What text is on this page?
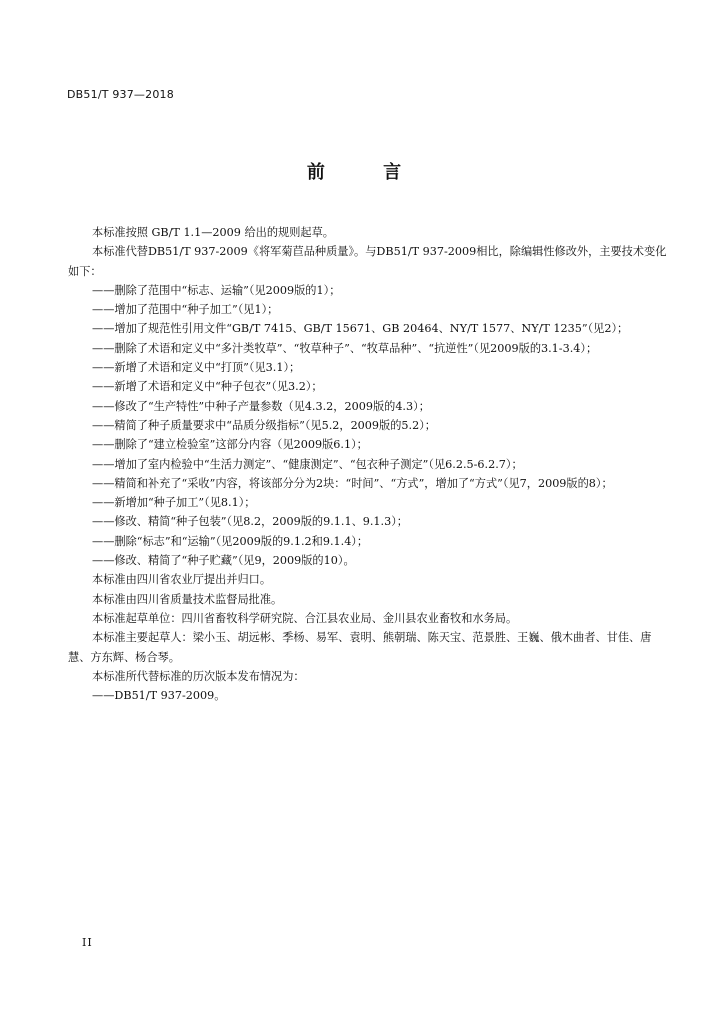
DB51/T 937—2018
前 言

本标准按照 GB/T 1.1—2009 给出的规则起草。

本标准代替DB51/T 937-2009《将军菊苣品种质量》。与DB51/T 937-2009相比，除编辑性修改外，主要技术变化如下：

——删除了范围中“标志、运输”（见2009版的1）；

——增加了范围中“种子加工”（见1）；

——增加了规范性引用文件“GB/T 7415、GB/T 15671、GB 20464、NY/T 1577、NY/T 1235”（见2）；

——删除了术语和定义中“多汁类牧草”、“牧草种子”、“牧草品种”、“抗逆性”（见2009版的3.1-3.4）；

——新增了术语和定义中“打顶”（见3.1）；

——新增了术语和定义中“种子包衣”（见3.2）；

——修改了“生产特性”中种子产量参数（见4.3.2，2009版的4.3）；

——精简了种子质量要求中“品质分级指标”（见5.2，2009版的5.2）；

——删除了“建立检验室”这部分内容（见2009版6.1）；

——增加了室内检验中“生活力测定”、“健康测定”、“包衣种子测定”（见6.2.5-6.2.7）；

——精简和补充了“采收”内容，将该部分分为2块：“时间”、“方式”，增加了“方式”（见7，2009版的8）；

——新增加“种子加工”（见8.1）；

——修改、精简“种子包装”（见8.2，2009版的9.1.1、9.1.3）；

——删除“标志”和“运输”（见2009版的9.1.2和9.1.4）；

——修改、精简了“种子贮藏”（见9，2009版的10）。

本标准由四川省农业厅提出并归口。

本标准由四川省质量技术监督局批准。

本标准起草单位：四川省畜牧科学研究院、合江县农业局、金川县农业畜牧和水务局。

本标准主要起草人：梁小玉、胡远彬、季杨、易军、袁明、熊朝瑞、陈天宝、范景胜、王巍、俄木曲者、甘佳、唐慧、方东辉、杨合琴。

本标准所代替标准的历次版本发布情况为：

——DB51/T 937-2009。

II
